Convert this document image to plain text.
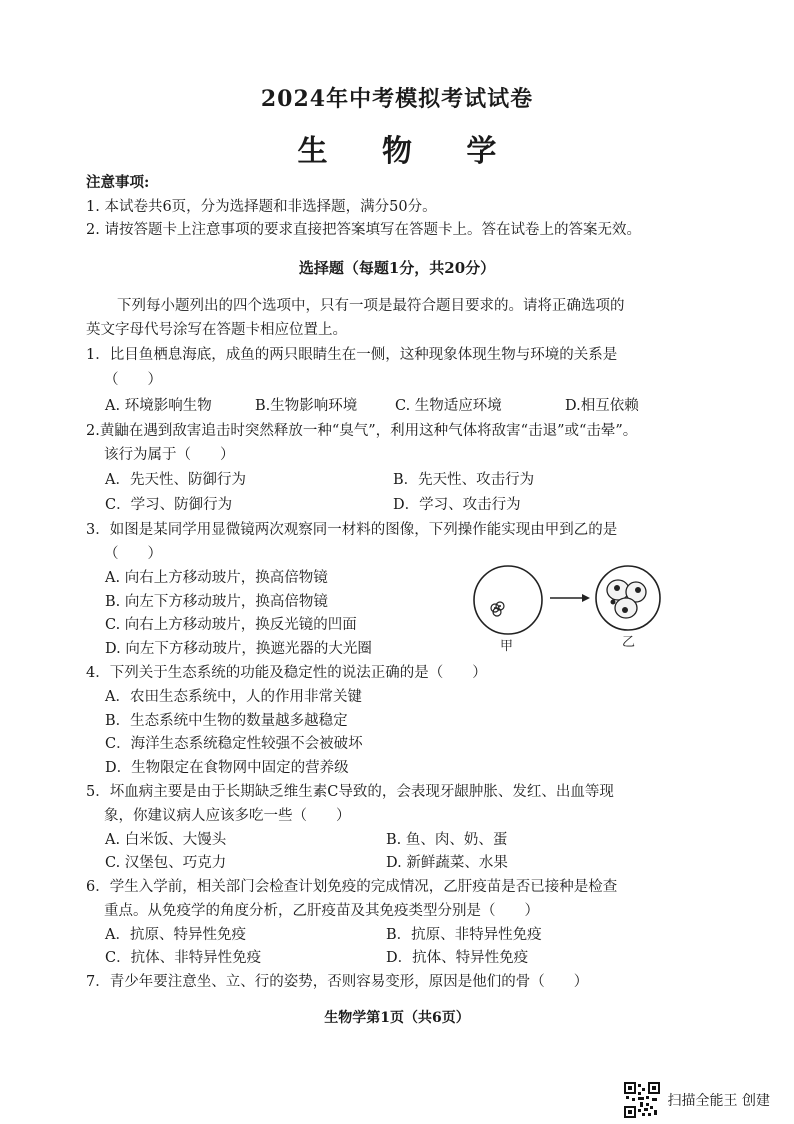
2024年中考模拟考试试卷
生 物 学
注意事项:
1. 本试卷共6页，分为选择题和非选择题，满分50分。
2. 请按答题卡上注意事项的要求直接把答案填写在答题卡上。答在试卷上的答案无效。
选择题（每题1分，共20分）
下列每小题列出的四个选项中，只有一项是最符合题目要求的。请将正确选项的
英文字母代号涂写在答题卡相应位置上。
1．比目鱼栖息海底，成鱼的两只眼睛生在一侧，这种现象体现生物与环境的关系是
（　　）
A. 环境影响生物	B.生物影响环境	C. 生物适应环境	D.相互依赖
2.黄鼬在遇到敌害追击时突然释放一种“臭气”，利用这种气体将敌害“击退”或“击晕”。
该行为属于（　　）
A．先天性、防御行为	B．先天性、攻击行为
C．学习、防御行为	D．学习、攻击行为
3．如图是某同学用显微镜两次观察同一材料的图像，下列操作能实现由甲到乙的是
（　　）
A. 向右上方移动玻片，换高倍物镜
B. 向左下方移动玻片，换高倍物镜
C. 向右上方移动玻片，换反光镜的凹面
D. 向左下方移动玻片，换遮光器的大光圈	甲	乙
4．下列关于生态系统的功能及稳定性的说法正确的是（　　）
A．农田生态系统中，人的作用非常关键
B．生态系统中生物的数量越多越稳定
C．海洋生态系统稳定性较强不会被破坏
D．生物限定在食物网中固定的营养级
5．坏血病主要是由于长期缺乏维生素C导致的，会表现牙龈肿胀、发红、出血等现
象，你建议病人应该多吃一些（　　）
A. 白米饭、大馒头	B. 鱼、肉、奶、蛋
C. 汉堡包、巧克力	D. 新鲜蔬菜、水果
6．学生入学前，相关部门会检查计划免疫的完成情况，乙肝疫苗是否已接种是检查
重点。从免疫学的角度分析，乙肝疫苗及其免疫类型分别是（　　）
A．抗原、特异性免疫	B．抗原、非特异性免疫
C．抗体、非特异性免疫	D．抗体、特异性免疫
7．青少年要注意坐、立、行的姿势，否则容易变形，原因是他们的骨（　　）
生物学第1页（共6页）
扫描全能王 创建
